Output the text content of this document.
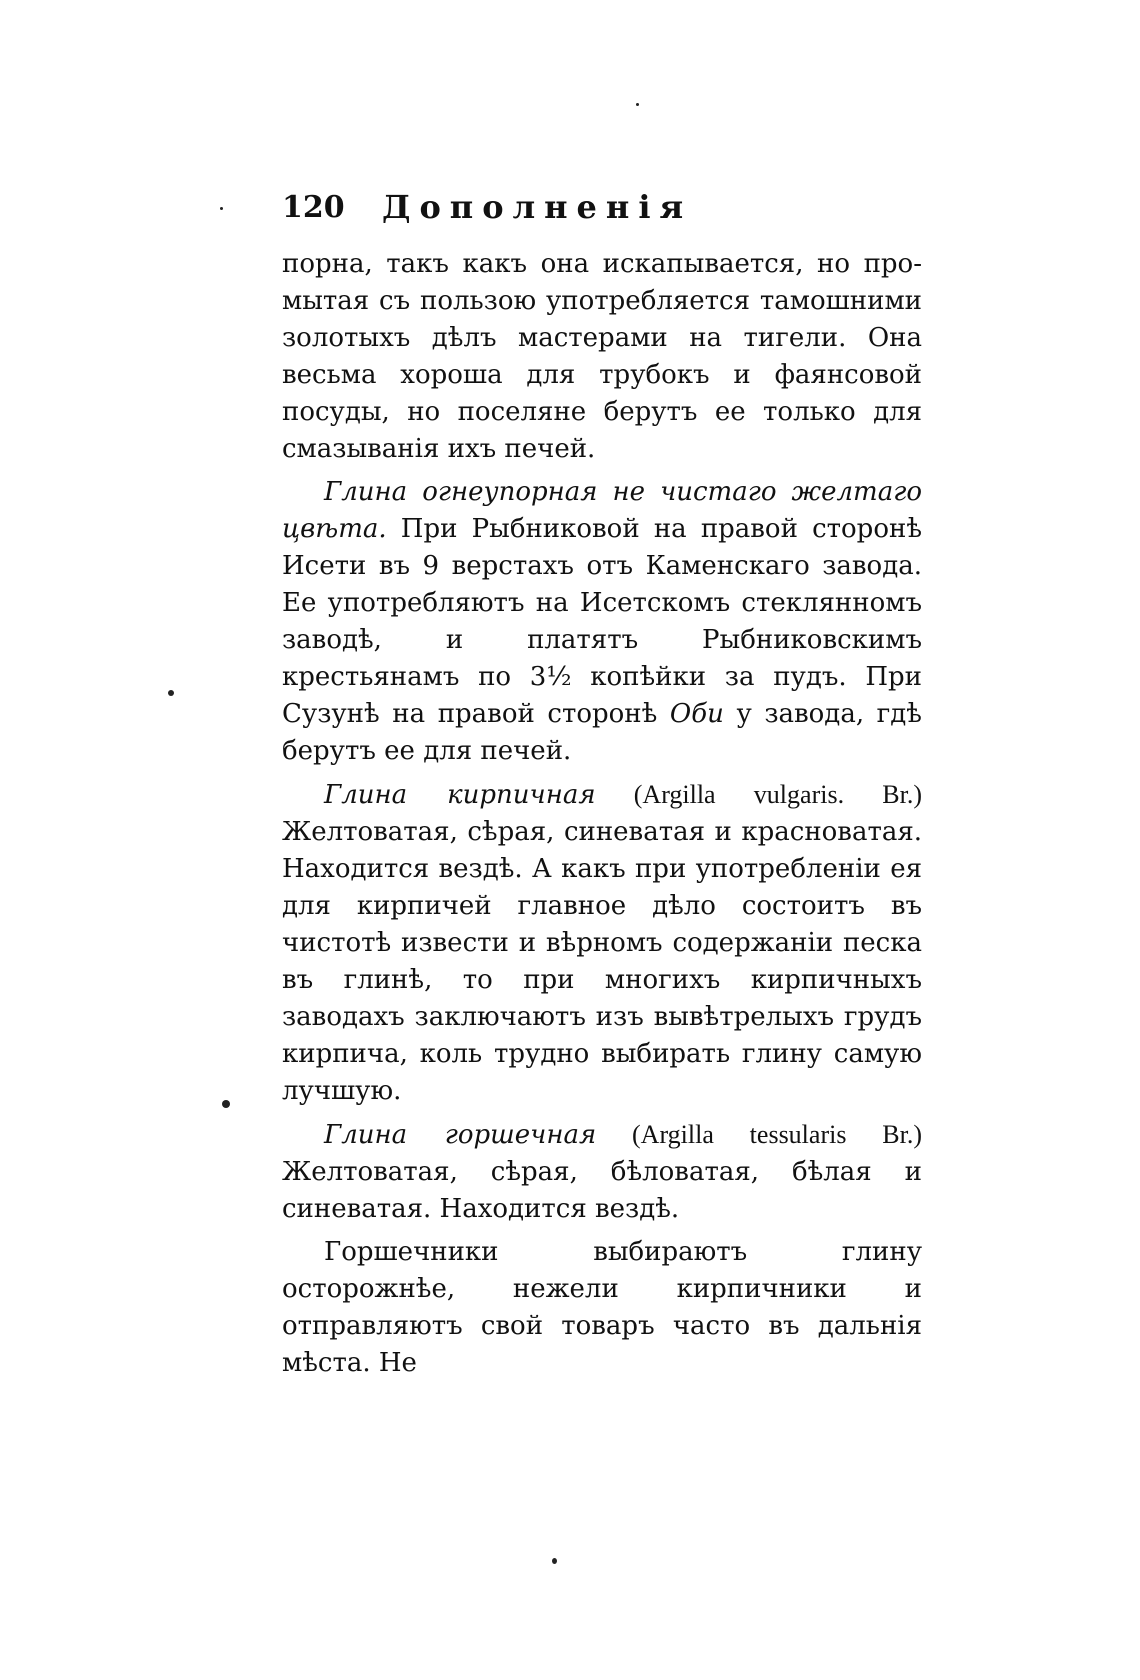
120 Дополненія

порна, такъ какъ она искапываетcя, но про-мытая съ пользою употребляется тамошними золотыхъ дѣлъ мастерами на тигели. Она весьма хороша для трубокъ и фаянсовой посуды, но поселяне берутъ ее только для смазыванія ихъ печей.

Глина огнеупорная не чистаго желтаго цвѣта. При Рыбниковой на правой сторонѣ Исети въ 9 верстахъ отъ Каменскаго завода. Ее употребляютъ на Исетскомъ стеклянномъ заводѣ, и платятъ Рыбниковскимъ крестьянамъ по 3½ копѣйки за пудъ. При Сузунѣ на правой сторонѣ Оби у завода, гдѣ берутъ ее для печей.

Глина кирпичная (Argilla vulgaris. Br.) Желтоватая, сѣрая, синеватая и красноватая. Находится вездѣ. А какъ при употребленіи ея для кирпичей главное дѣло состоитъ въ чистотѣ извести и вѣрномъ содержаніи песка въ глинѣ, то при многихъ кирпичныхъ заводахъ заключаютъ изъ вывѣтрелыхъ грудъ кирпича, коль трудно выбирать глину самую лучшую.

Глина горшечная (Argilla tessularis Br.) Желтоватая, сѣрая, бѣловатая, бѣлая и синеватая. Находится вездѣ.

Горшечники выбираютъ глину осторожнѣе, нежели кирпичники и отправляютъ свой товаръ часто въ дальнія мѣста. Не
